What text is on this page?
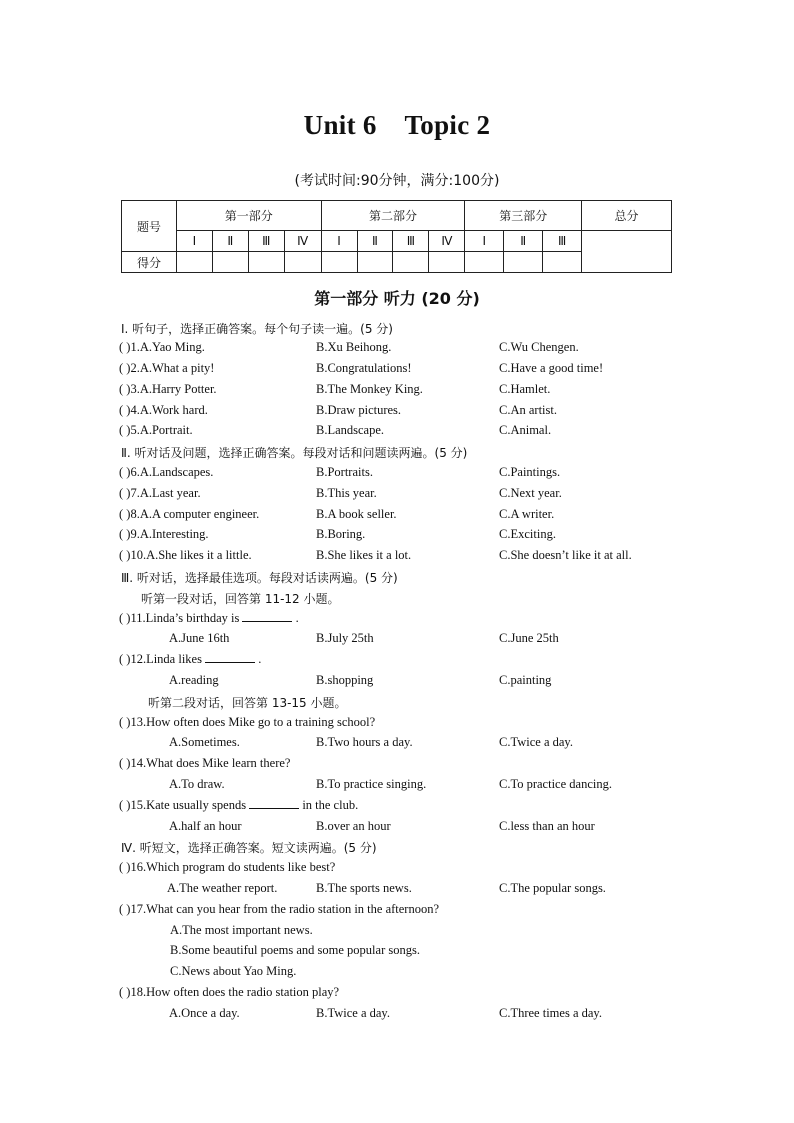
Unit 6    Topic 2
(考试时间:90分钟，满分:100分)
题号	第一部分				第二部分				第三部分			总分
	Ⅰ	Ⅱ	Ⅲ	Ⅳ	Ⅰ	Ⅱ	Ⅲ	Ⅳ	Ⅰ	Ⅱ	Ⅲ	
得分												
第一部分 听力 (20 分)
Ⅰ. 听句子，选择正确答案。每个句子读一遍。(5 分)
( )1.A.Yao Ming.	B.Xu Beihong.	C.Wu Chengen.
( )2.A.What a pity!	B.Congratulations!	C.Have a good time!
( )3.A.Harry Potter.	B.The Monkey King.	C.Hamlet.
( )4.A.Work hard.	B.Draw pictures.	C.An artist.
( )5.A.Portrait.	B.Landscape.	C.Animal.
Ⅱ. 听对话及问题，选择正确答案。每段对话和问题读两遍。(5 分)
( )6.A.Landscapes.	B.Portraits.	C.Paintings.
( )7.A.Last year.	B.This year.	C.Next year.
( )8.A.A computer engineer.	B.A book seller.	C.A writer.
( )9.A.Interesting.	B.Boring.	C.Exciting.
( )10.A.She likes it a little.	B.She likes it a lot.	C.She doesn’t like it at all.
Ⅲ. 听对话，选择最佳选项。每段对话读两遍。(5 分)
听第一段对话，回答第 11-12 小题。
( )11.Linda’s birthday is	.
A.June 16th	B.July 25th	C.June 25th
( )12.Linda likes	.
A.reading	B.shopping	C.painting
听第二段对话，回答第 13-15 小题。
( )13.How often does Mike go to a training school?
A.Sometimes.	B.Two hours a day.	C.Twice a day.
( )14.What does Mike learn there?
A.To draw.	B.To practice singing.	C.To practice dancing.
( )15.Kate usually spends	in the club.
A.half an hour	B.over an hour	C.less than an hour
Ⅳ. 听短文，选择正确答案。短文读两遍。(5 分)
( )16.Which program do students like best?
A.The weather report.	B.The sports news.	C.The popular songs.
( )17.What can you hear from the radio station in the afternoon?
A.The most important news.
B.Some beautiful poems and some popular songs.
C.News about Yao Ming.
( )18.How often does the radio station play?
A.Once a day.	B.Twice a day.	C.Three times a day.
